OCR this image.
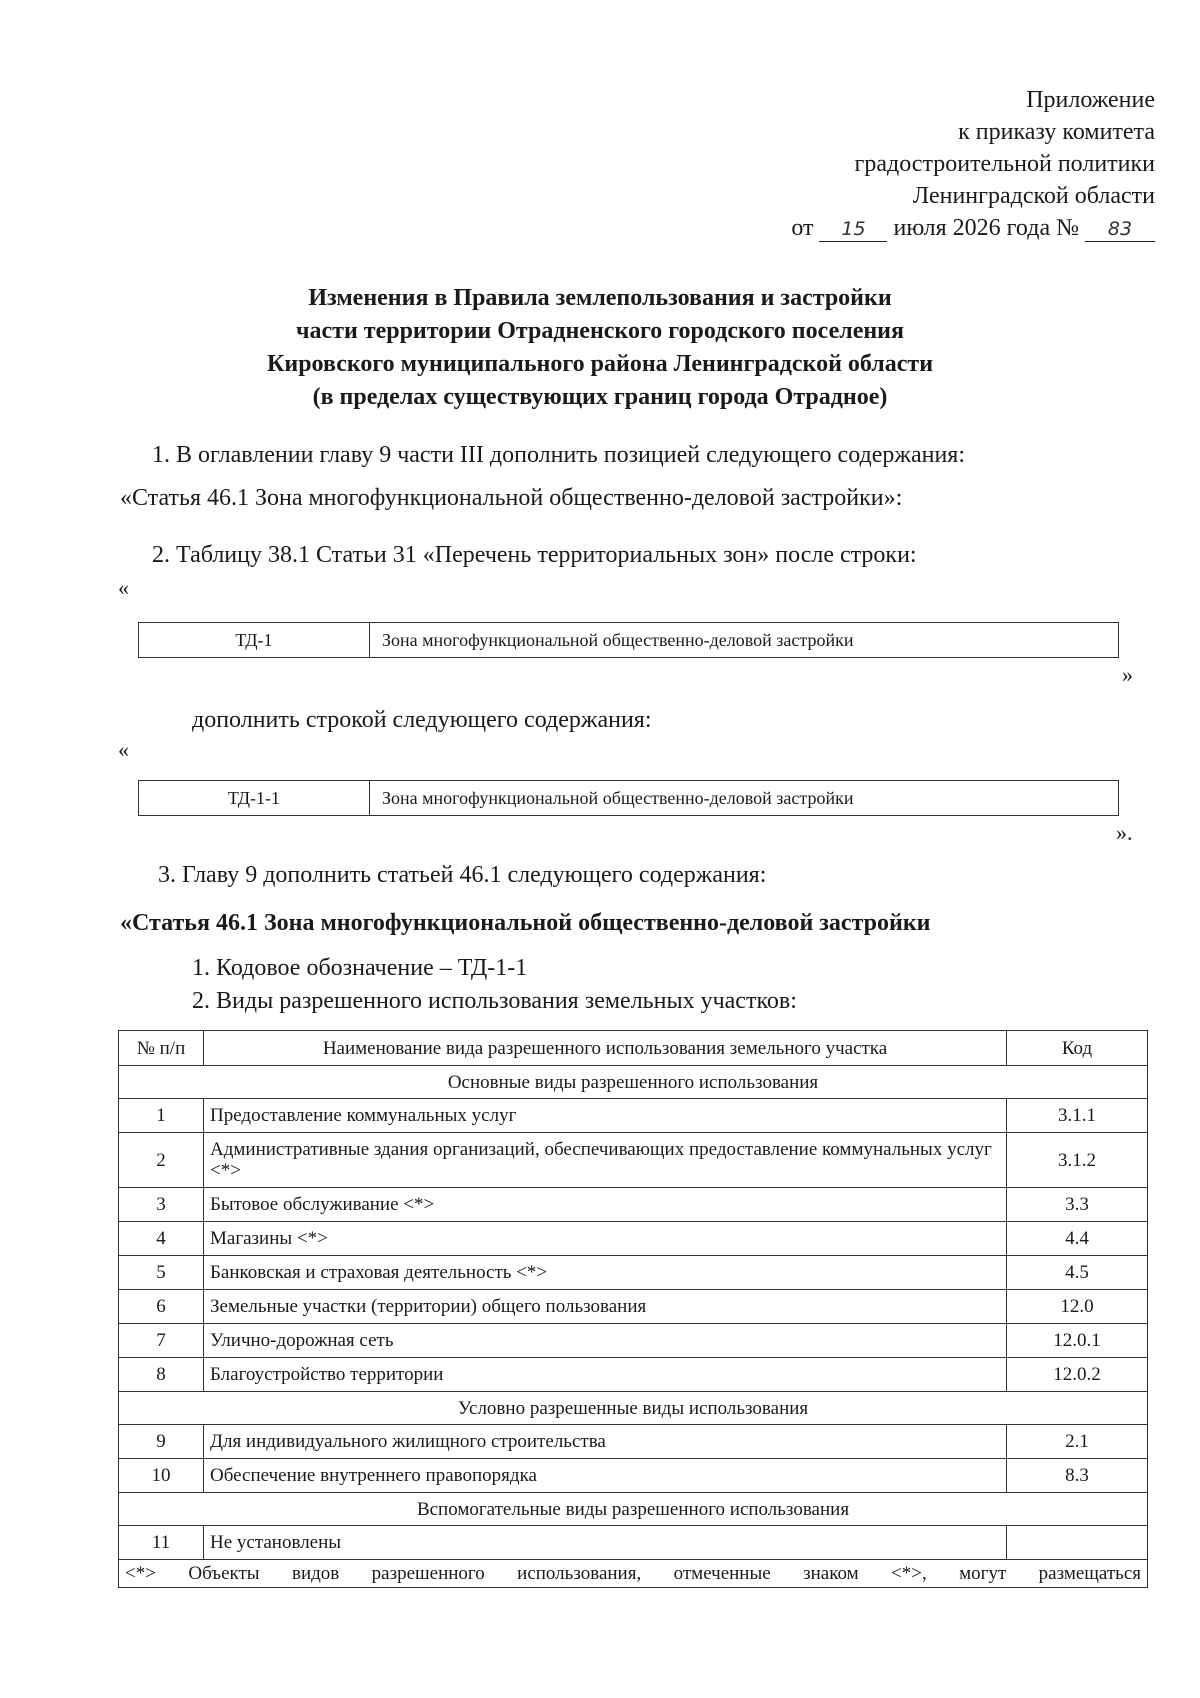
Приложение
к приказу комитета
градостроительной политики
Ленинградской области
от 15 июля 2026 года № 83
Изменения в Правила землепользования и застройки
части территории Отрадненского городского поселения
Кировского муниципального района Ленинградской области
(в пределах существующих границ города Отрадное)
1. В оглавлении главу 9 части III дополнить позицией следующего содержания:
«Статья 46.1 Зона многофункциональной общественно-деловой застройки»:
2. Таблицу 38.1 Статьи 31 «Перечень территориальных зон» после строки:
«
ТД-1	Зона многофункциональной общественно-деловой застройки
»
дополнить строкой следующего содержания:
«
ТД-1-1	Зона многофункциональной общественно-деловой застройки
».
3. Главу 9 дополнить статьей 46.1 следующего содержания:
«Статья 46.1 Зона многофункциональной общественно-деловой застройки
1. Кодовое обозначение – ТД-1-1
2. Виды разрешенного использования земельных участков:
№ п/п	Наименование вида разрешенного использования земельного участка	Код
Основные виды разрешенного использования		
1	Предоставление коммунальных услуг	3.1.1
2	Административные здания организаций, обеспечивающих предоставление коммунальных услуг <*>	3.1.2
3	Бытовое обслуживание <*>	3.3
4	Магазины <*>	4.4
5	Банковская и страховая деятельность <*>	4.5
6	Земельные участки (территории) общего пользования	12.0
7	Улично-дорожная сеть	12.0.1
8	Благоустройство территории	12.0.2
Условно разрешенные виды использования		
9	Для индивидуального жилищного строительства	2.1
10	Обеспечение внутреннего правопорядка	8.3
Вспомогательные виды разрешенного использования		
11	Не установлены	
<*> Объекты видов разрешенного использования, отмеченные знаком <*>, могут размещаться		
